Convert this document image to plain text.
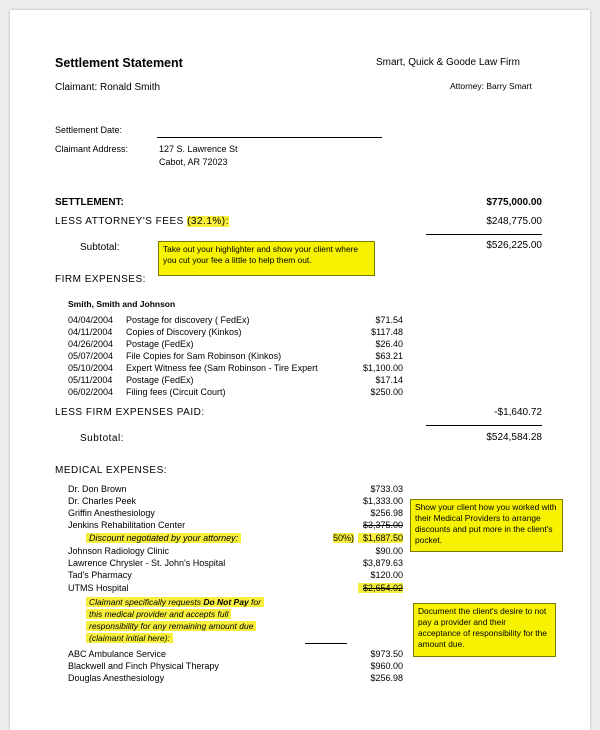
Settlement Statement	Smart, Quick & Goode Law Firm
Claimant: Ronald Smith	Attorney: Barry Smart
Settlement Date:
Claimant Address:	127 S. Lawrence St
Cabot, AR 72023
SETTLEMENT:	$775,000.00
LESS ATTORNEY'S FEES (32.1%):	$248,775.00
Subtotal:	$526,225.00
Take out your highlighter and show your client where you cut your fee a little to help them out.
FIRM EXPENSES:
Smith, Smith and Johnson
04/04/2004 Postage for discovery ( FedEx)	$71.54
04/11/2004 Copies of Discovery (Kinkos)	$117.48
04/26/2004 Postage (FedEx)	$26.40
05/07/2004 File Copies for Sam Robinson (Kinkos)	$63.21
05/10/2004 Expert Witness fee (Sam Robinson - Tire Expert	$1,100.00
05/11/2004 Postage (FedEx)	$17.14
06/02/2004 Filing fees (Circuit Court)	$250.00
LESS FIRM EXPENSES PAID:	-$1,640.72
Subtotal:	$524,584.28
MEDICAL EXPENSES:
Dr. Don Brown	$733.03
Dr. Charles Peek	$1,333.00
Griffin Anesthesiology	$256.98
Jenkins Rehabilitation Center	$3,375.00
Discount negotiated by your attorney:	50%) $1,687.50
Johnson Radiology Clinic	$90.00
Lawrence Chrysler - St. John's Hospital	$3,879.63
Tad's Pharmacy	$120.00
UTMS Hospital	$2,654.02
Claimant specifically requests Do Not Pay for
this medical provider and accepts full
responsibility for any remaining amount due
(claimant initial here):
ABC Ambulance Service	$973.50
Blackwell and Finch Physical Therapy	$960.00
Douglas Anesthesiology	$256.98
Show your client how you worked with their Medical Providers to arrange discounts and put more in the client's pocket.
Document the client's desire to not pay a provider and their acceptance of responsibility for the amount due.
